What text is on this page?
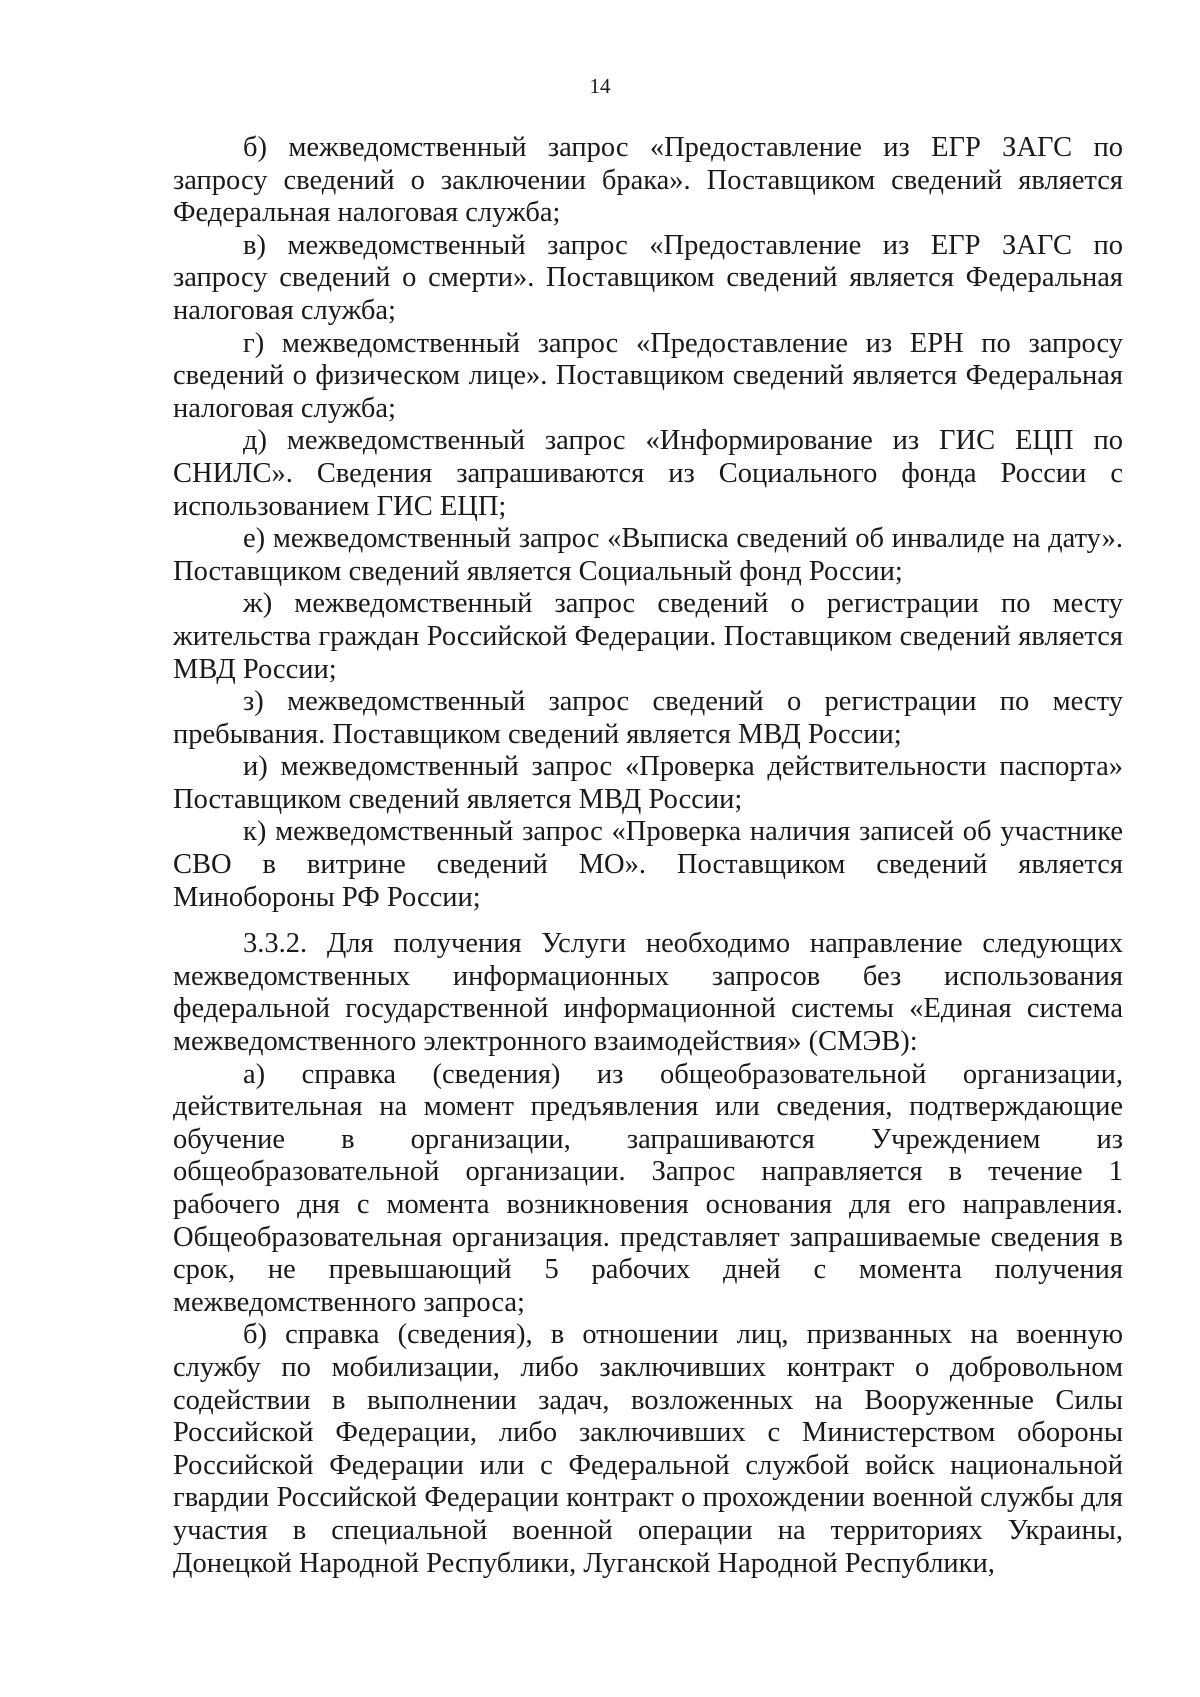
14

б) межведомственный запрос «Предоставление из ЕГР ЗАГС по запросу сведений о заключении брака». Поставщиком сведений является Федеральная налоговая служба;

в) межведомственный запрос «Предоставление из ЕГР ЗАГС по запросу сведений о смерти». Поставщиком сведений является Федеральная налоговая служба;

г) межведомственный запрос «Предоставление из ЕРН по запросу сведений о физическом лице». Поставщиком сведений является Федеральная налоговая служба;

д) межведомственный запрос «Информирование из ГИС ЕЦП по СНИЛС». Сведения запрашиваются из Социального фонда России с использованием ГИС ЕЦП;

е) межведомственный запрос «Выписка сведений об инвалиде на дату». Поставщиком сведений является Социальный фонд России;

ж) межведомственный запрос сведений о регистрации по месту жительства граждан Российской Федерации. Поставщиком сведений является МВД России;

з) межведомственный запрос сведений о регистрации по месту пребывания. Поставщиком сведений является МВД России;

и) межведомственный запрос «Проверка действительности паспорта» Поставщиком сведений является МВД России;

к) межведомственный запрос «Проверка наличия записей об участнике СВО в витрине сведений МО». Поставщиком сведений является Минобороны РФ России;

3.3.2. Для получения Услуги необходимо направление следующих межведомственных информационных запросов без использования федеральной государственной информационной системы «Единая система межведомственного электронного взаимодействия» (СМЭВ):

а) справка (сведения) из общеобразовательной организации, действительная на момент предъявления или сведения, подтверждающие обучение в организации, запрашиваются Учреждением из общеобразовательной организации. Запрос направляется в течение 1 рабочего дня с момента возникновения основания для его направления. Общеобразовательная организация. представляет запрашиваемые сведения в срок, не превышающий 5 рабочих дней с момента получения межведомственного запроса;

б) справка (сведения), в отношении лиц, призванных на военную службу по мобилизации, либо заключивших контракт о добровольном содействии в выполнении задач, возложенных на Вооруженные Силы Российской Федерации, либо заключивших с Министерством обороны Российской Федерации или с Федеральной службой войск национальной гвардии Российской Федерации контракт о прохождении военной службы для участия в специальной военной операции на территориях Украины, Донецкой Народной Республики, Луганской Народной Республики,
